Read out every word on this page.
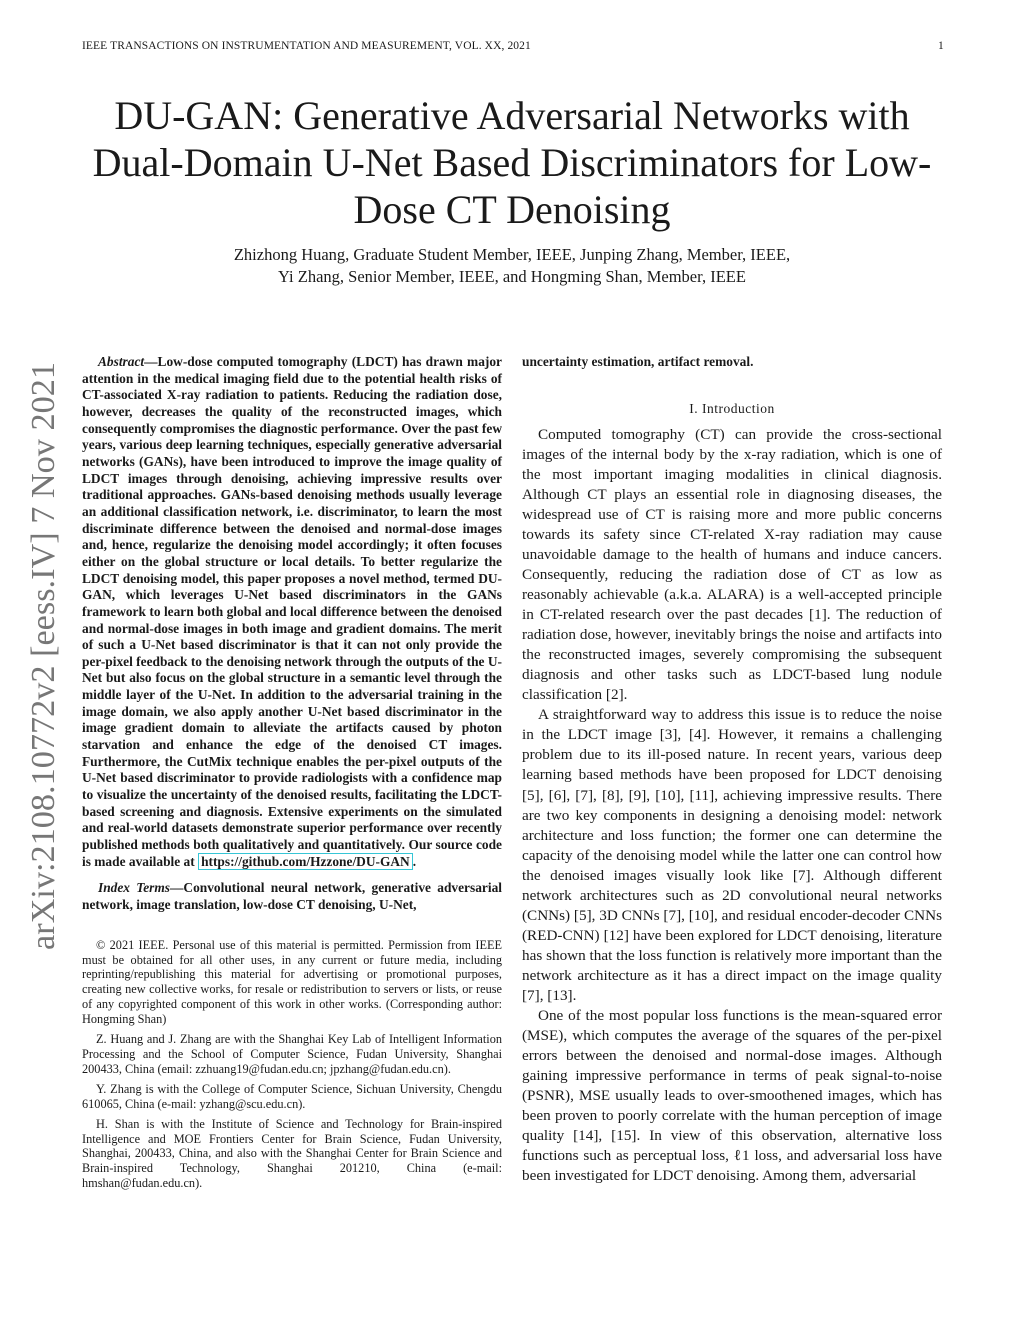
IEEE TRANSACTIONS ON INSTRUMENTATION AND MEASUREMENT, VOL. XX, 2021	1
arXiv:2108.10772v2 [eess.IV] 7 Nov 2021
DU-GAN: Generative Adversarial Networks with Dual-Domain U-Net Based Discriminators for Low-Dose CT Denoising
Zhizhong Huang, Graduate Student Member, IEEE, Junping Zhang, Member, IEEE,
Yi Zhang, Senior Member, IEEE, and Hongming Shan, Member, IEEE

Abstract—Low-dose computed tomography (LDCT) has drawn major attention in the medical imaging field due to the potential health risks of CT-associated X-ray radiation to patients. Reducing the radiation dose, however, decreases the quality of the reconstructed images, which consequently compromises the diagnostic performance. Over the past few years, various deep learning techniques, especially generative adversarial networks (GANs), have been introduced to improve the image quality of LDCT images through denoising, achieving impressive results over traditional approaches. GANs-based denoising methods usually leverage an additional classification network, i.e. discriminator, to learn the most discriminate difference between the denoised and normal-dose images and, hence, regularize the denoising model accordingly; it often focuses either on the global structure or local details. To better regularize the LDCT denoising model, this paper proposes a novel method, termed DU-GAN, which leverages U-Net based discriminators in the GANs framework to learn both global and local difference between the denoised and normal-dose images in both image and gradient domains. The merit of such a U-Net based discriminator is that it can not only provide the per-pixel feedback to the denoising network through the outputs of the U-Net but also focus on the global structure in a semantic level through the middle layer of the U-Net. In addition to the adversarial training in the image domain, we also apply another U-Net based discriminator in the image gradient domain to alleviate the artifacts caused by photon starvation and enhance the edge of the denoised CT images. Furthermore, the CutMix technique enables the per-pixel outputs of the U-Net based discriminator to provide radiologists with a confidence map to visualize the uncertainty of the denoised results, facilitating the LDCT-based screening and diagnosis. Extensive experiments on the simulated and real-world datasets demonstrate superior performance over recently published methods both qualitatively and quantitatively. Our source code is made available at https://github.com/Hzzone/DU-GAN .

Index Terms—Convolutional neural network, generative adversarial network, image translation, low-dose CT denoising, U-Net,

© 2021 IEEE. Personal use of this material is permitted. Permission from IEEE must be obtained for all other uses, in any current or future media, including reprinting/republishing this material for advertising or promotional purposes, creating new collective works, for resale or redistribution to servers or lists, or reuse of any copyrighted component of this work in other works. (Corresponding author: Hongming Shan)

Z. Huang and J. Zhang are with the Shanghai Key Lab of Intelligent Information Processing and the School of Computer Science, Fudan University, Shanghai 200433, China (email: zzhuang19@fudan.edu.cn; jpzhang@fudan.edu.cn).

Y. Zhang is with the College of Computer Science, Sichuan University, Chengdu 610065, China (e-mail: yzhang@scu.edu.cn).

H. Shan is with the Institute of Science and Technology for Brain-inspired Intelligence and MOE Frontiers Center for Brain Science, Fudan University, Shanghai, 200433, China, and also with the Shanghai Center for Brain Science and Brain-inspired Technology, Shanghai 201210, China (e-mail: hmshan@fudan.edu.cn).

uncertainty estimation, artifact removal.

I. Introduction

Computed tomography (CT) can provide the cross-sectional images of the internal body by the x-ray radiation, which is one of the most important imaging modalities in clinical diagnosis. Although CT plays an essential role in diagnosing diseases, the widespread use of CT is raising more and more public concerns towards its safety since CT-related X-ray radiation may cause unavoidable damage to the health of humans and induce cancers. Consequently, reducing the radiation dose of CT as low as reasonably achievable (a.k.a. ALARA) is a well-accepted principle in CT-related research over the past decades [1]. The reduction of radiation dose, however, inevitably brings the noise and artifacts into the reconstructed images, severely compromising the subsequent diagnosis and other tasks such as LDCT-based lung nodule classification [2].

A straightforward way to address this issue is to reduce the noise in the LDCT image [3], [4]. However, it remains a challenging problem due to its ill-posed nature. In recent years, various deep learning based methods have been proposed for LDCT denoising [5], [6], [7], [8], [9], [10], [11], achieving impressive results. There are two key components in designing a denoising model: network architecture and loss function; the former one can determine the capacity of the denoising model while the latter one can control how the denoised images visually look like [7]. Although different network architectures such as 2D convolutional neural networks (CNNs) [5], 3D CNNs [7], [10], and residual encoder-decoder CNNs (RED-CNN) [12] have been explored for LDCT denoising, literature has shown that the loss function is relatively more important than the network architecture as it has a direct impact on the image quality [7], [13].

One of the most popular loss functions is the mean-squared error (MSE), which computes the average of the squares of the per-pixel errors between the denoised and normal-dose images. Although gaining impressive performance in terms of peak signal-to-noise (PSNR), MSE usually leads to over-smoothened images, which has been proven to poorly correlate with the human perception of image quality [14], [15]. In view of this observation, alternative loss functions such as perceptual loss, ℓ1 loss, and adversarial loss have been investigated for LDCT denoising. Among them, adversarial
